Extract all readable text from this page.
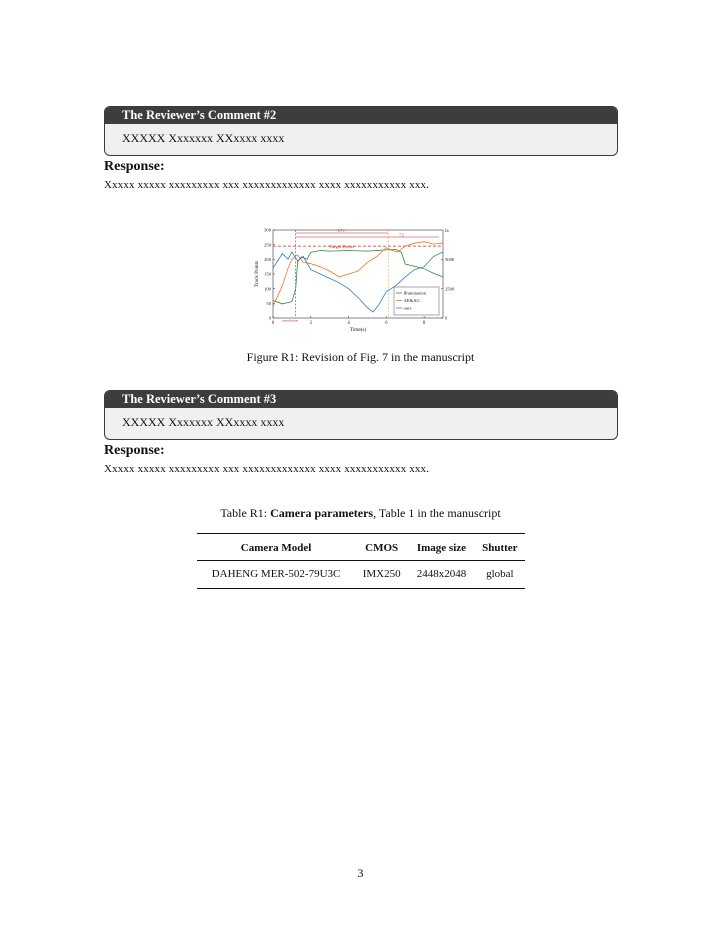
The Reviewer’s Comment #2
XXXXX Xxxxxxx XXxxxx xxxx
Response:
Xxxxx xxxxx xxxxxxxxx xxx xxxxxxxxxxxxx xxxx xxxxxxxxxxx xxx.
0
50
100
150
200
250
300
0
2500
5000
0	2	4	6	8
Time(s)
Track Points
lx
Target Points
3.7 s
7.5
perturbation
Illumination
AE&AG
ours
Figure R1: Revision of Fig. 7 in the manuscript
The Reviewer’s Comment #3
XXXXX Xxxxxxx XXxxxx xxxx
Response:
Xxxxx xxxxx xxxxxxxxx xxx xxxxxxxxxxxxx xxxx xxxxxxxxxxx xxx.
Table R1: Camera parameters, Table 1 in the manuscript
Camera Model	CMOS	Image size	Shutter
DAHENG MER-502-79U3C	IMX250	2448x2048	global
3
